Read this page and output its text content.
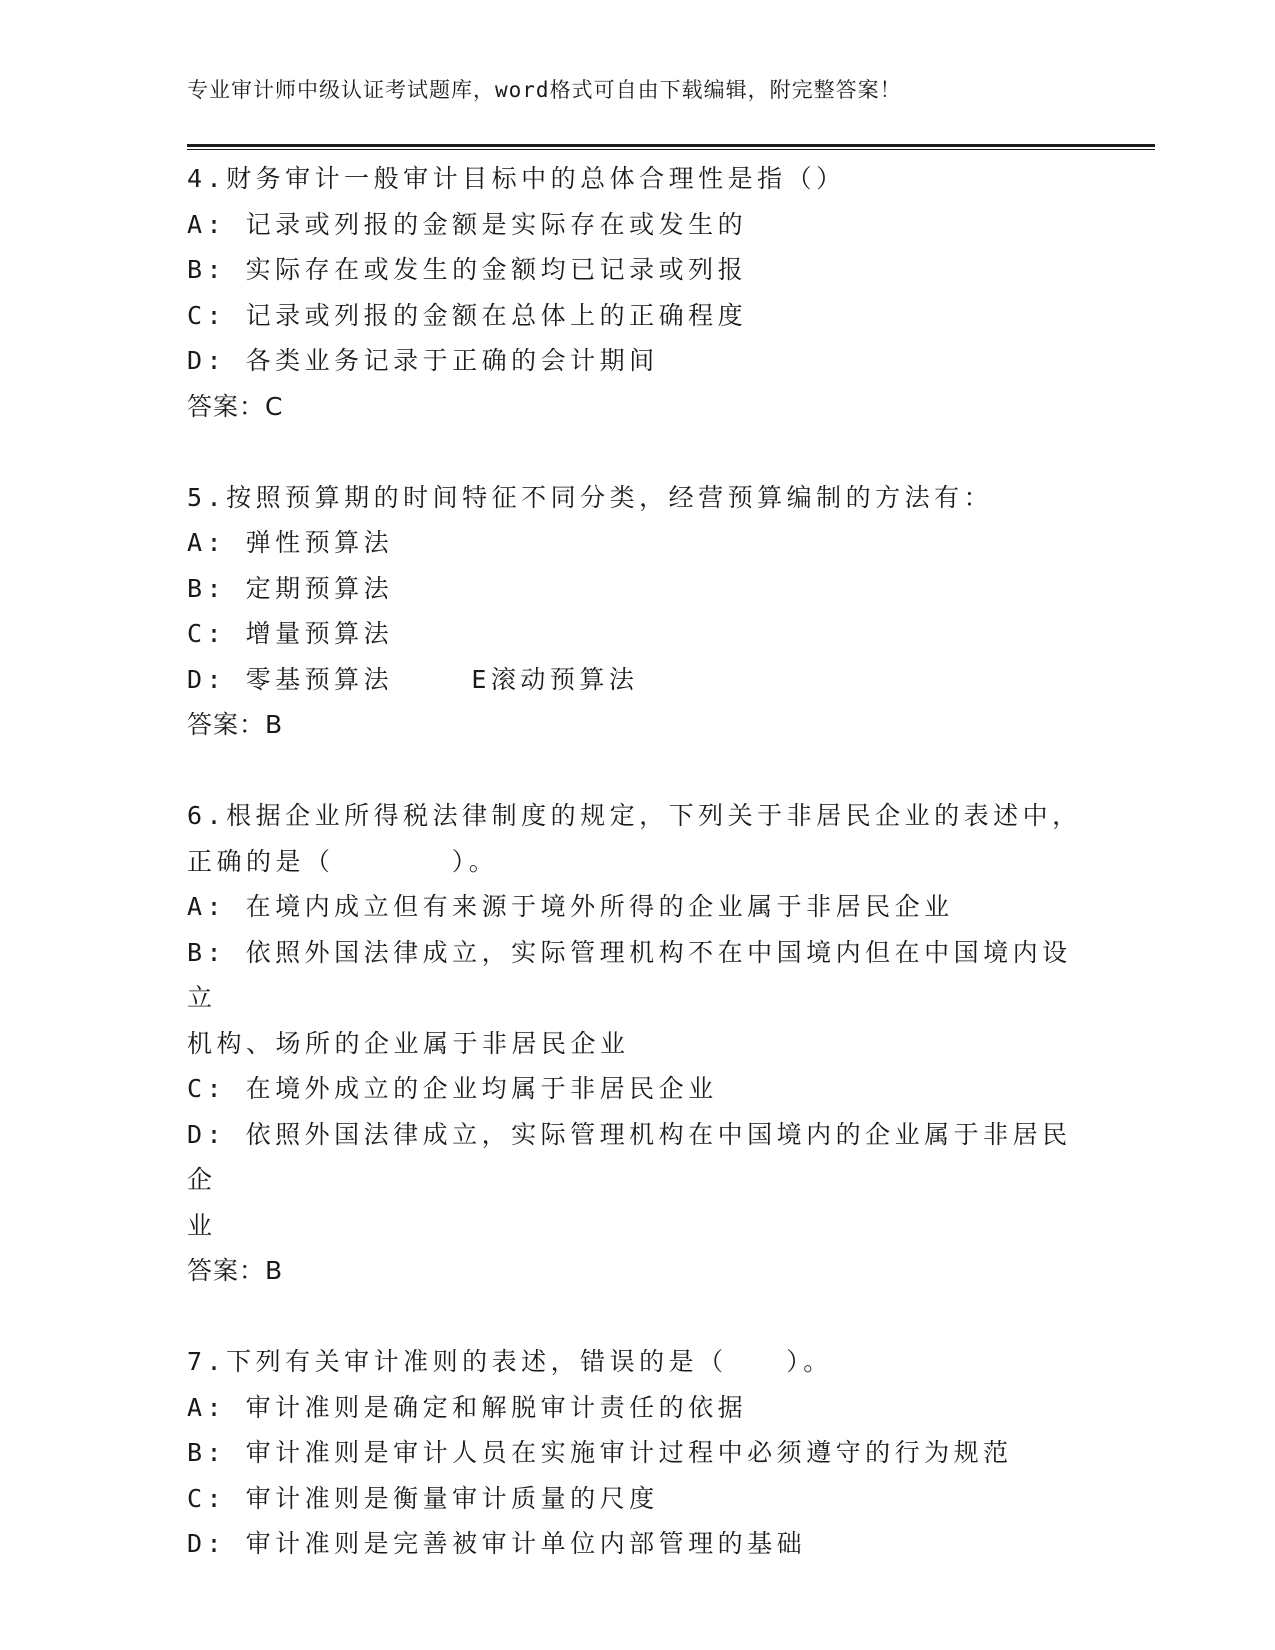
专业审计师中级认证考试题库，word格式可自由下载编辑，附完整答案！
4.财务审计一般审计目标中的总体合理性是指（）
A: 记录或列报的金额是实际存在或发生的
B: 实际存在或发生的金额均已记录或列报
C: 记录或列报的金额在总体上的正确程度
D: 各类业务记录于正确的会计期间
答案：C
5.按照预算期的时间特征不同分类，经营预算编制的方法有：
A: 弹性预算法
B: 定期预算法
C: 增量预算法
D: 零基预算法    E滚动预算法
答案：B
6.根据企业所得税法律制度的规定，下列关于非居民企业的表述中，
正确的是（      ）。
A: 在境内成立但有来源于境外所得的企业属于非居民企业
B: 依照外国法律成立，实际管理机构不在中国境内但在中国境内设立
机构、场所的企业属于非居民企业
C: 在境外成立的企业均属于非居民企业
D: 依照外国法律成立，实际管理机构在中国境内的企业属于非居民企
业
答案：B
7.下列有关审计准则的表述，错误的是（   ）。
A: 审计准则是确定和解脱审计责任的依据
B: 审计准则是审计人员在实施审计过程中必须遵守的行为规范
C: 审计准则是衡量审计质量的尺度
D: 审计准则是完善被审计单位内部管理的基础
